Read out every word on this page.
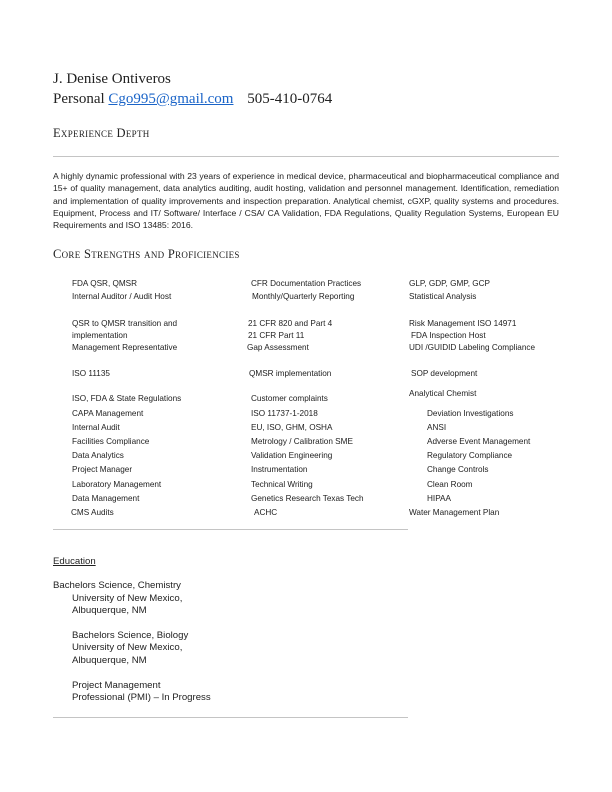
J. Denise Ontiveros
Personal Cgo995@gmail.com 505-410-0764
Experience Depth
A highly dynamic professional with 23 years of experience in medical device, pharmaceutical and biopharmaceutical compliance and 15+ of quality management, data analytics auditing, audit hosting, validation and personnel management. Identification, remediation and implementation of quality improvements and inspection preparation. Analytical chemist, cGXP, quality systems and procedures. Equipment, Process and IT/ Software/ Interface / CSA/ CA Validation, FDA Regulations, Quality Regulation Systems, European EU Requirements and ISO 13485: 2016.
Core Strengths and Proficiencies
FDA QSR, QMSR
Internal Auditor / Audit Host
QSR to QMSR transition and
implementation
Management Representative
ISO 11135
ISO, FDA & State Regulations
CAPA Management
Internal Audit
Facilities Compliance
Data Analytics
Project Manager
Laboratory Management
Data Management
CMS Audits
CFR Documentation Practices
Monthly/Quarterly Reporting
21 CFR 820 and Part 4
21 CFR Part 11
Gap Assessment
QMSR implementation
Customer complaints
ISO 11737-1-2018
EU, ISO, GHM, OSHA
Metrology / Calibration SME
Validation Engineering
Instrumentation
Technical Writing
Genetics Research Texas Tech
ACHC
GLP, GDP, GMP, GCP
Statistical Analysis
Risk Management ISO 14971
FDA Inspection Host
UDI /GUIDID Labeling Compliance
SOP development
Analytical Chemist
Deviation Investigations
ANSI
Adverse Event Management
Regulatory Compliance
Change Controls
Clean Room
HIPAA
Water Management Plan
Education
Bachelors Science, Chemistry
University of New Mexico,
Albuquerque, NM
Bachelors Science, Biology
University of New Mexico,
Albuquerque, NM
Project Management
Professional (PMI) – In Progress
